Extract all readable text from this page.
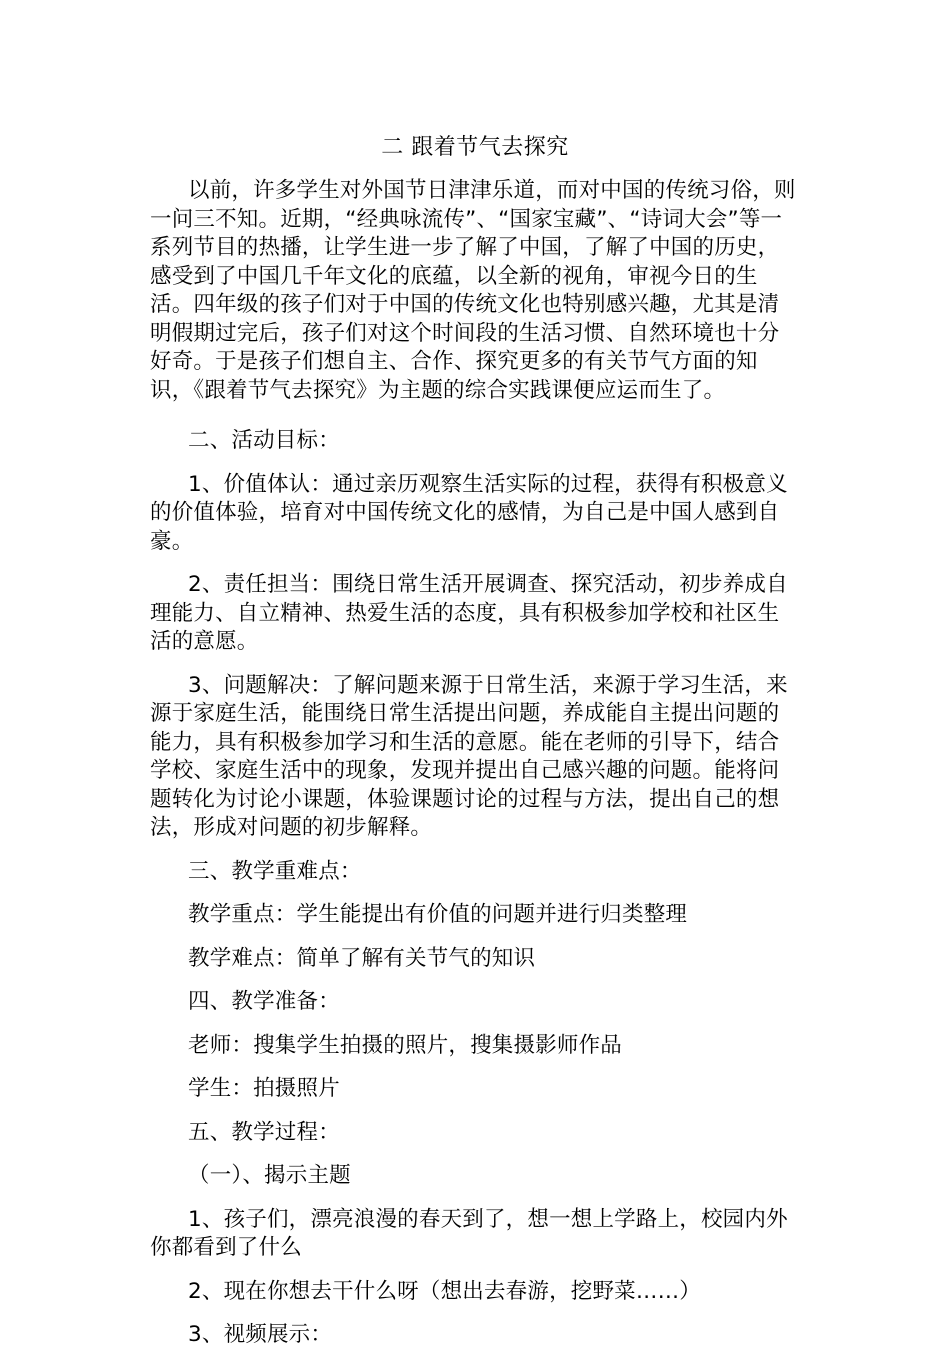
二 跟着节气去探究

以前，许多学生对外国节日津津乐道，而对中国的传统习俗，则一问三不知。近期，“经典咏流传”、“国家宝藏”、“诗词大会”等一系列节目的热播，让学生进一步了解了中国，了解了中国的历史，感受到了中国几千年文化的底蕴，以全新的视角，审视今日的生活。四年级的孩子们对于中国的传统文化也特别感兴趣，尤其是清明假期过完后，孩子们对这个时间段的生活习惯、自然环境也十分好奇。于是孩子们想自主、合作、探究更多的有关节气方面的知识，《跟着节气去探究》为主题的综合实践课便应运而生了。

二、活动目标：

1、价值体认：通过亲历观察生活实际的过程，获得有积极意义的价值体验，培育对中国传统文化的感情，为自己是中国人感到自豪。

2、责任担当：围绕日常生活开展调查、探究活动，初步养成自理能力、自立精神、热爱生活的态度，具有积极参加学校和社区生活的意愿。

3、问题解决：了解问题来源于日常生活，来源于学习生活，来源于家庭生活，能围绕日常生活提出问题，养成能自主提出问题的能力，具有积极参加学习和生活的意愿。能在老师的引导下，结合学校、家庭生活中的现象，发现并提出自己感兴趣的问题。能将问题转化为讨论小课题，体验课题讨论的过程与方法，提出自己的想法，形成对问题的初步解释。

三、教学重难点：

教学重点：学生能提出有价值的问题并进行归类整理

教学难点：简单了解有关节气的知识

四、教学准备：

老师：搜集学生拍摄的照片，搜集摄影师作品

学生：拍摄照片

五、教学过程：

（一）、揭示主题

1、孩子们，漂亮浪漫的春天到了，想一想上学路上，校园内外你都看到了什么

2、现在你想去干什么呀（想出去春游，挖野菜……）

3、视频展示：
